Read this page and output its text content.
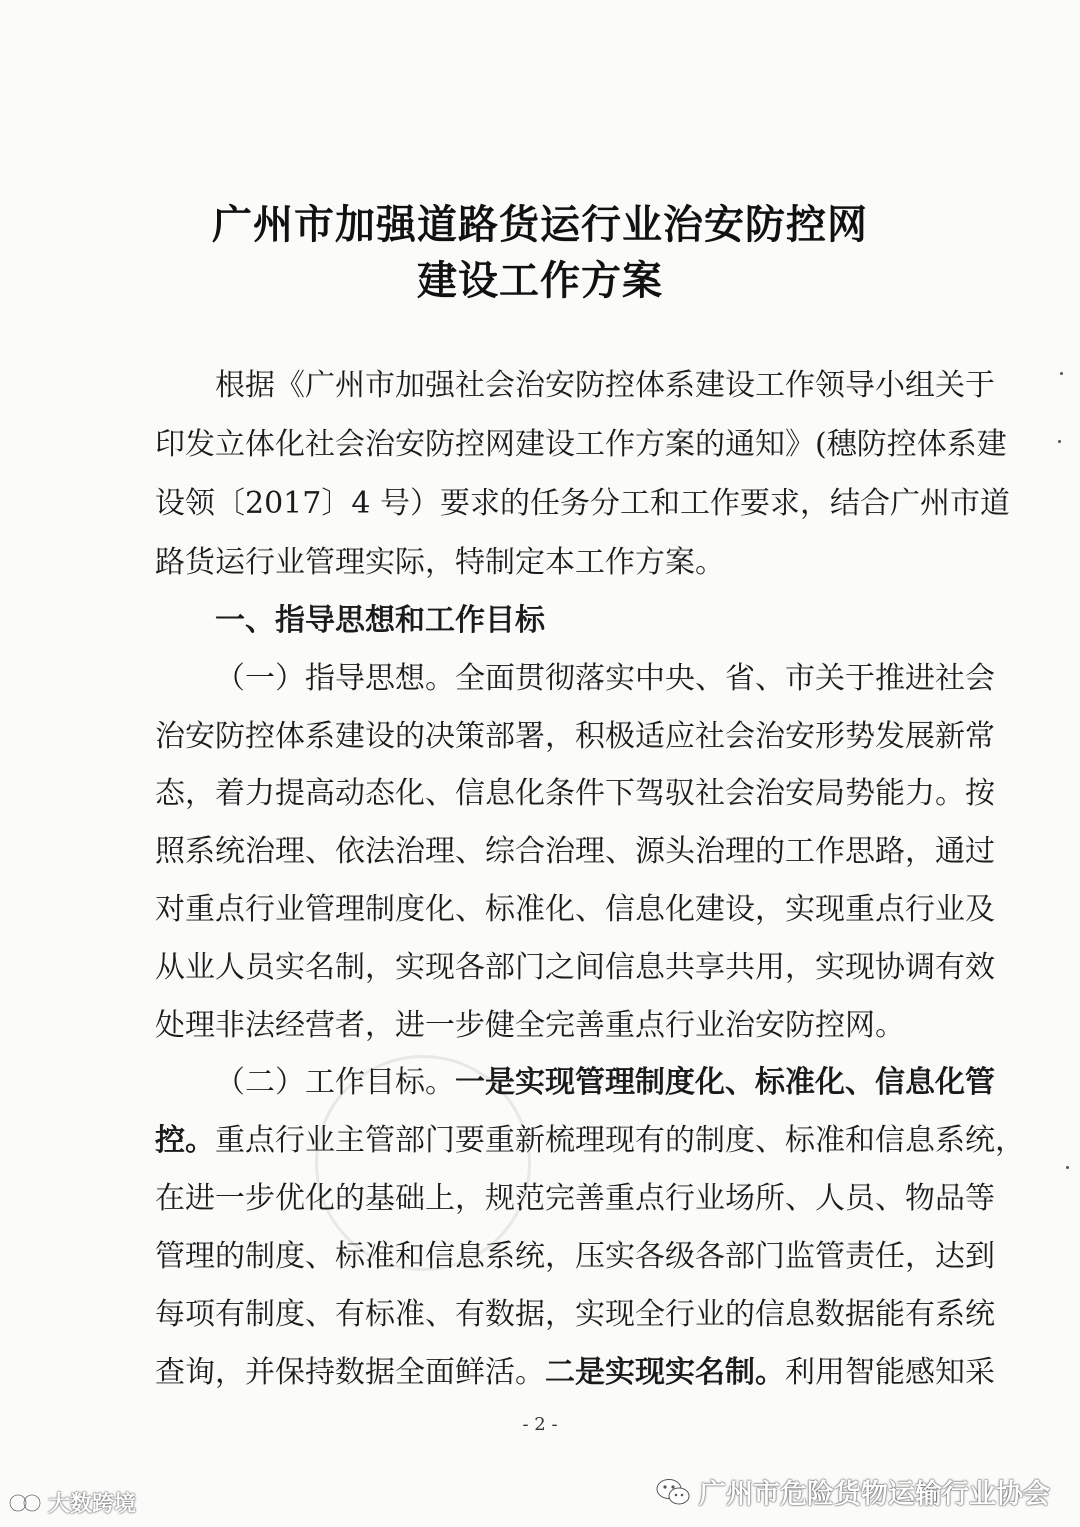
广州市加强道路货运行业治安防控网
建设工作方案
根据《广州市加强社会治安防控体系建设工作领导小组关于
印发立体化社会治安防控网建设工作方案的通知》(穗防控体系建
设领〔2017〕4 号）要求的任务分工和工作要求，结合广州市道
路货运行业管理实际，特制定本工作方案。
一、指导思想和工作目标
（一）指导思想。全面贯彻落实中央、省、市关于推进社会
治安防控体系建设的决策部署，积极适应社会治安形势发展新常
态，着力提高动态化、信息化条件下驾驭社会治安局势能力。按
照系统治理、依法治理、综合治理、源头治理的工作思路，通过
对重点行业管理制度化、标准化、信息化建设，实现重点行业及
从业人员实名制，实现各部门之间信息共享共用，实现协调有效
处理非法经营者，进一步健全完善重点行业治安防控网。
（二）工作目标。一是实现管理制度化、标准化、信息化管
控。重点行业主管部门要重新梳理现有的制度、标准和信息系统，
在进一步优化的基础上，规范完善重点行业场所、人员、物品等
管理的制度、标准和信息系统，压实各级各部门监管责任，达到
每项有制度、有标准、有数据，实现全行业的信息数据能有系统
查询，并保持数据全面鲜活。二是实现实名制。利用智能感知采
- 2 -
大数跨境	广州市危险货物运输行业协会
